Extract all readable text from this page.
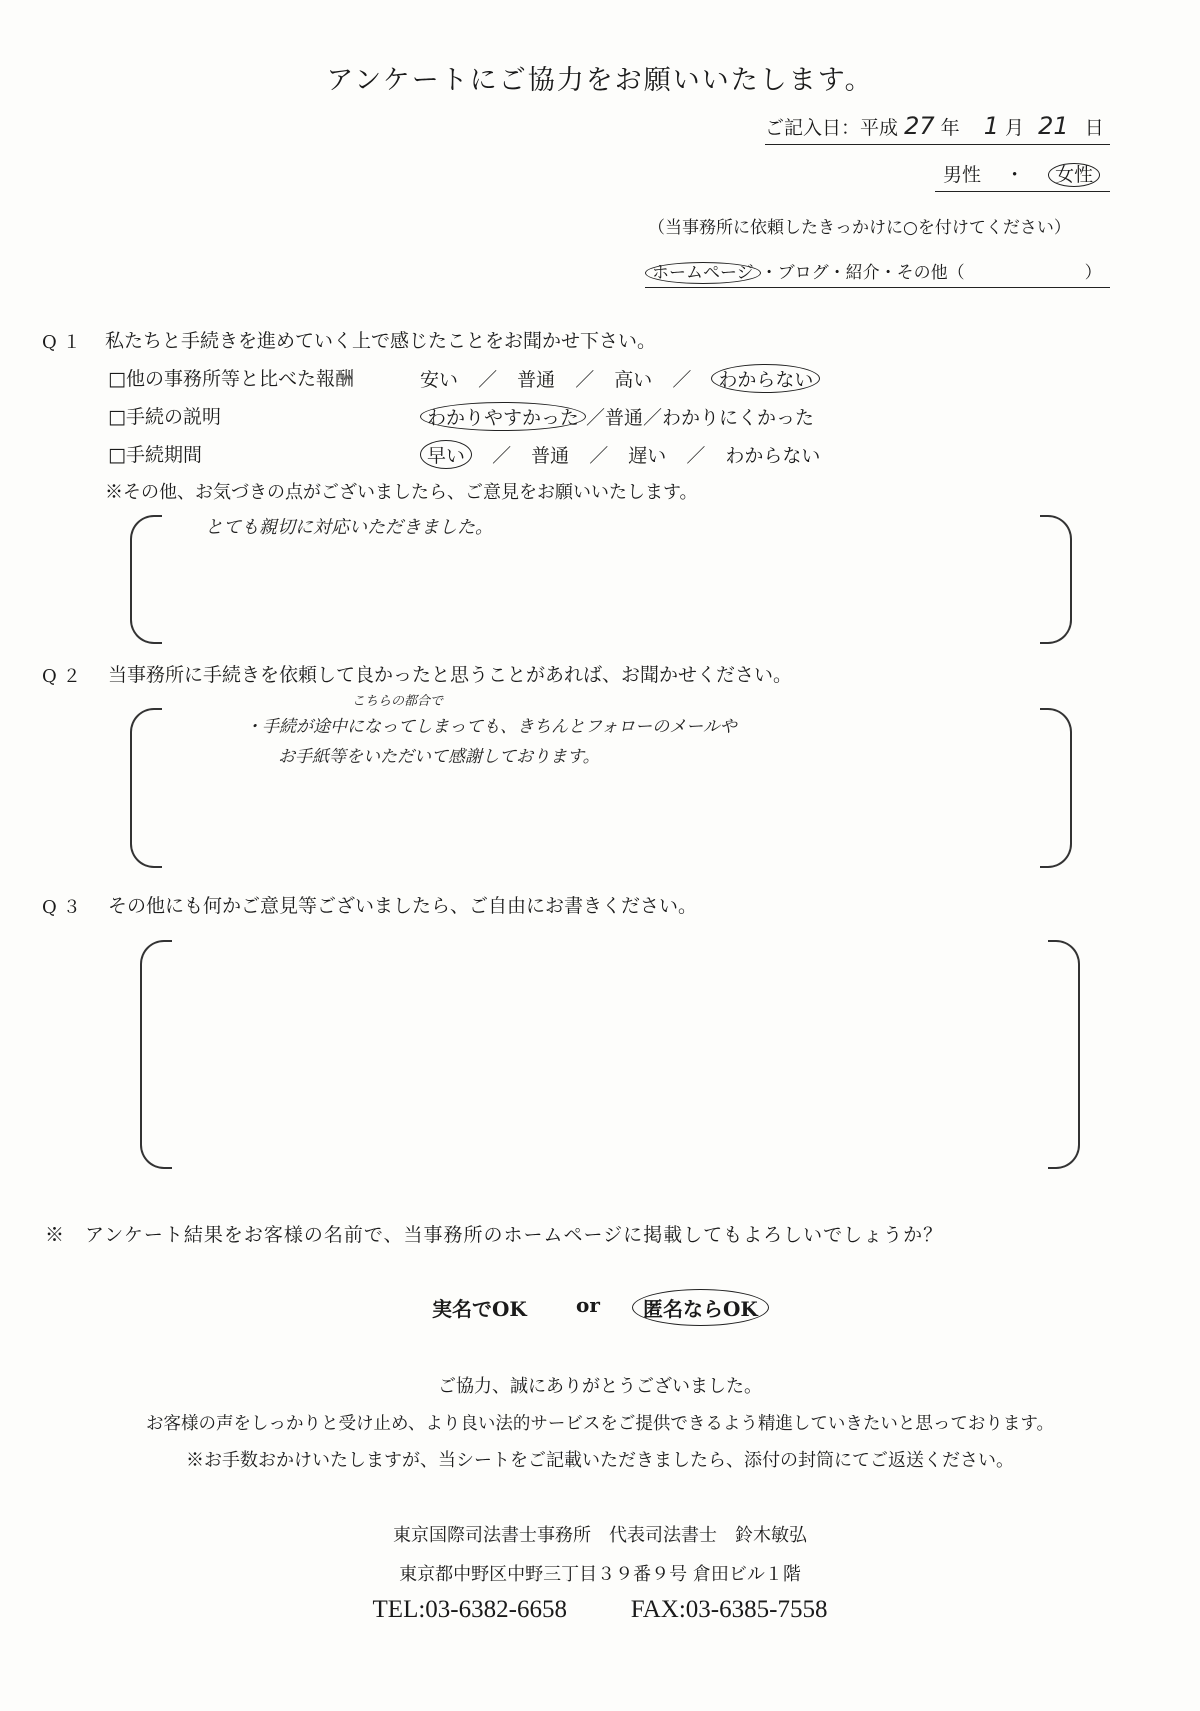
アンケートにご協力をお願いいたします。
ご記入日：平成 27 年 1 月 21 日
男性 ・ 女性
（当事務所に依頼したきっかけに○を付けてください）
ホームページ ・ブログ・紹介・その他（	）
Q１ 私たちと手続きを進めていく上で感じたことをお聞かせ下さい。
□他の事務所等と比べた報酬	安い ／ 普通 ／ 高い ／ わからない
□手続の説明	わかりやすかった ／普通／わかりにくかった
□手続期間	早い ／ 普通 ／ 遅い ／ わからない
※その他、お気づきの点がございましたら、ご意見をお願いいたします。
とても親切に対応いただきました。
Q２ 当事務所に手続きを依頼して良かったと思うことがあれば、お聞かせください。
こちらの都合で
・手続が途中になってしまっても、きちんとフォローのメールや
お手紙等をいただいて感謝しております。
Q３ その他にも何かご意見等ございましたら、ご自由にお書きください。
※　アンケート結果をお客様の名前で、当事務所のホームページに掲載してもよろしいでしょうか？
実名でOK or	匿名ならOK
ご協力、誠にありがとうございました。
お客様の声をしっかりと受け止め、より良い法的サービスをご提供できるよう精進していきたいと思っております。
※お手数おかけいたしますが、当シートをご記載いただきましたら、添付の封筒にてご返送ください。
東京国際司法書士事務所　代表司法書士　鈴木敏弘
東京都中野区中野三丁目３９番９号 倉田ビル１階
TEL:03-6382-6658	FAX:03-6385-7558
